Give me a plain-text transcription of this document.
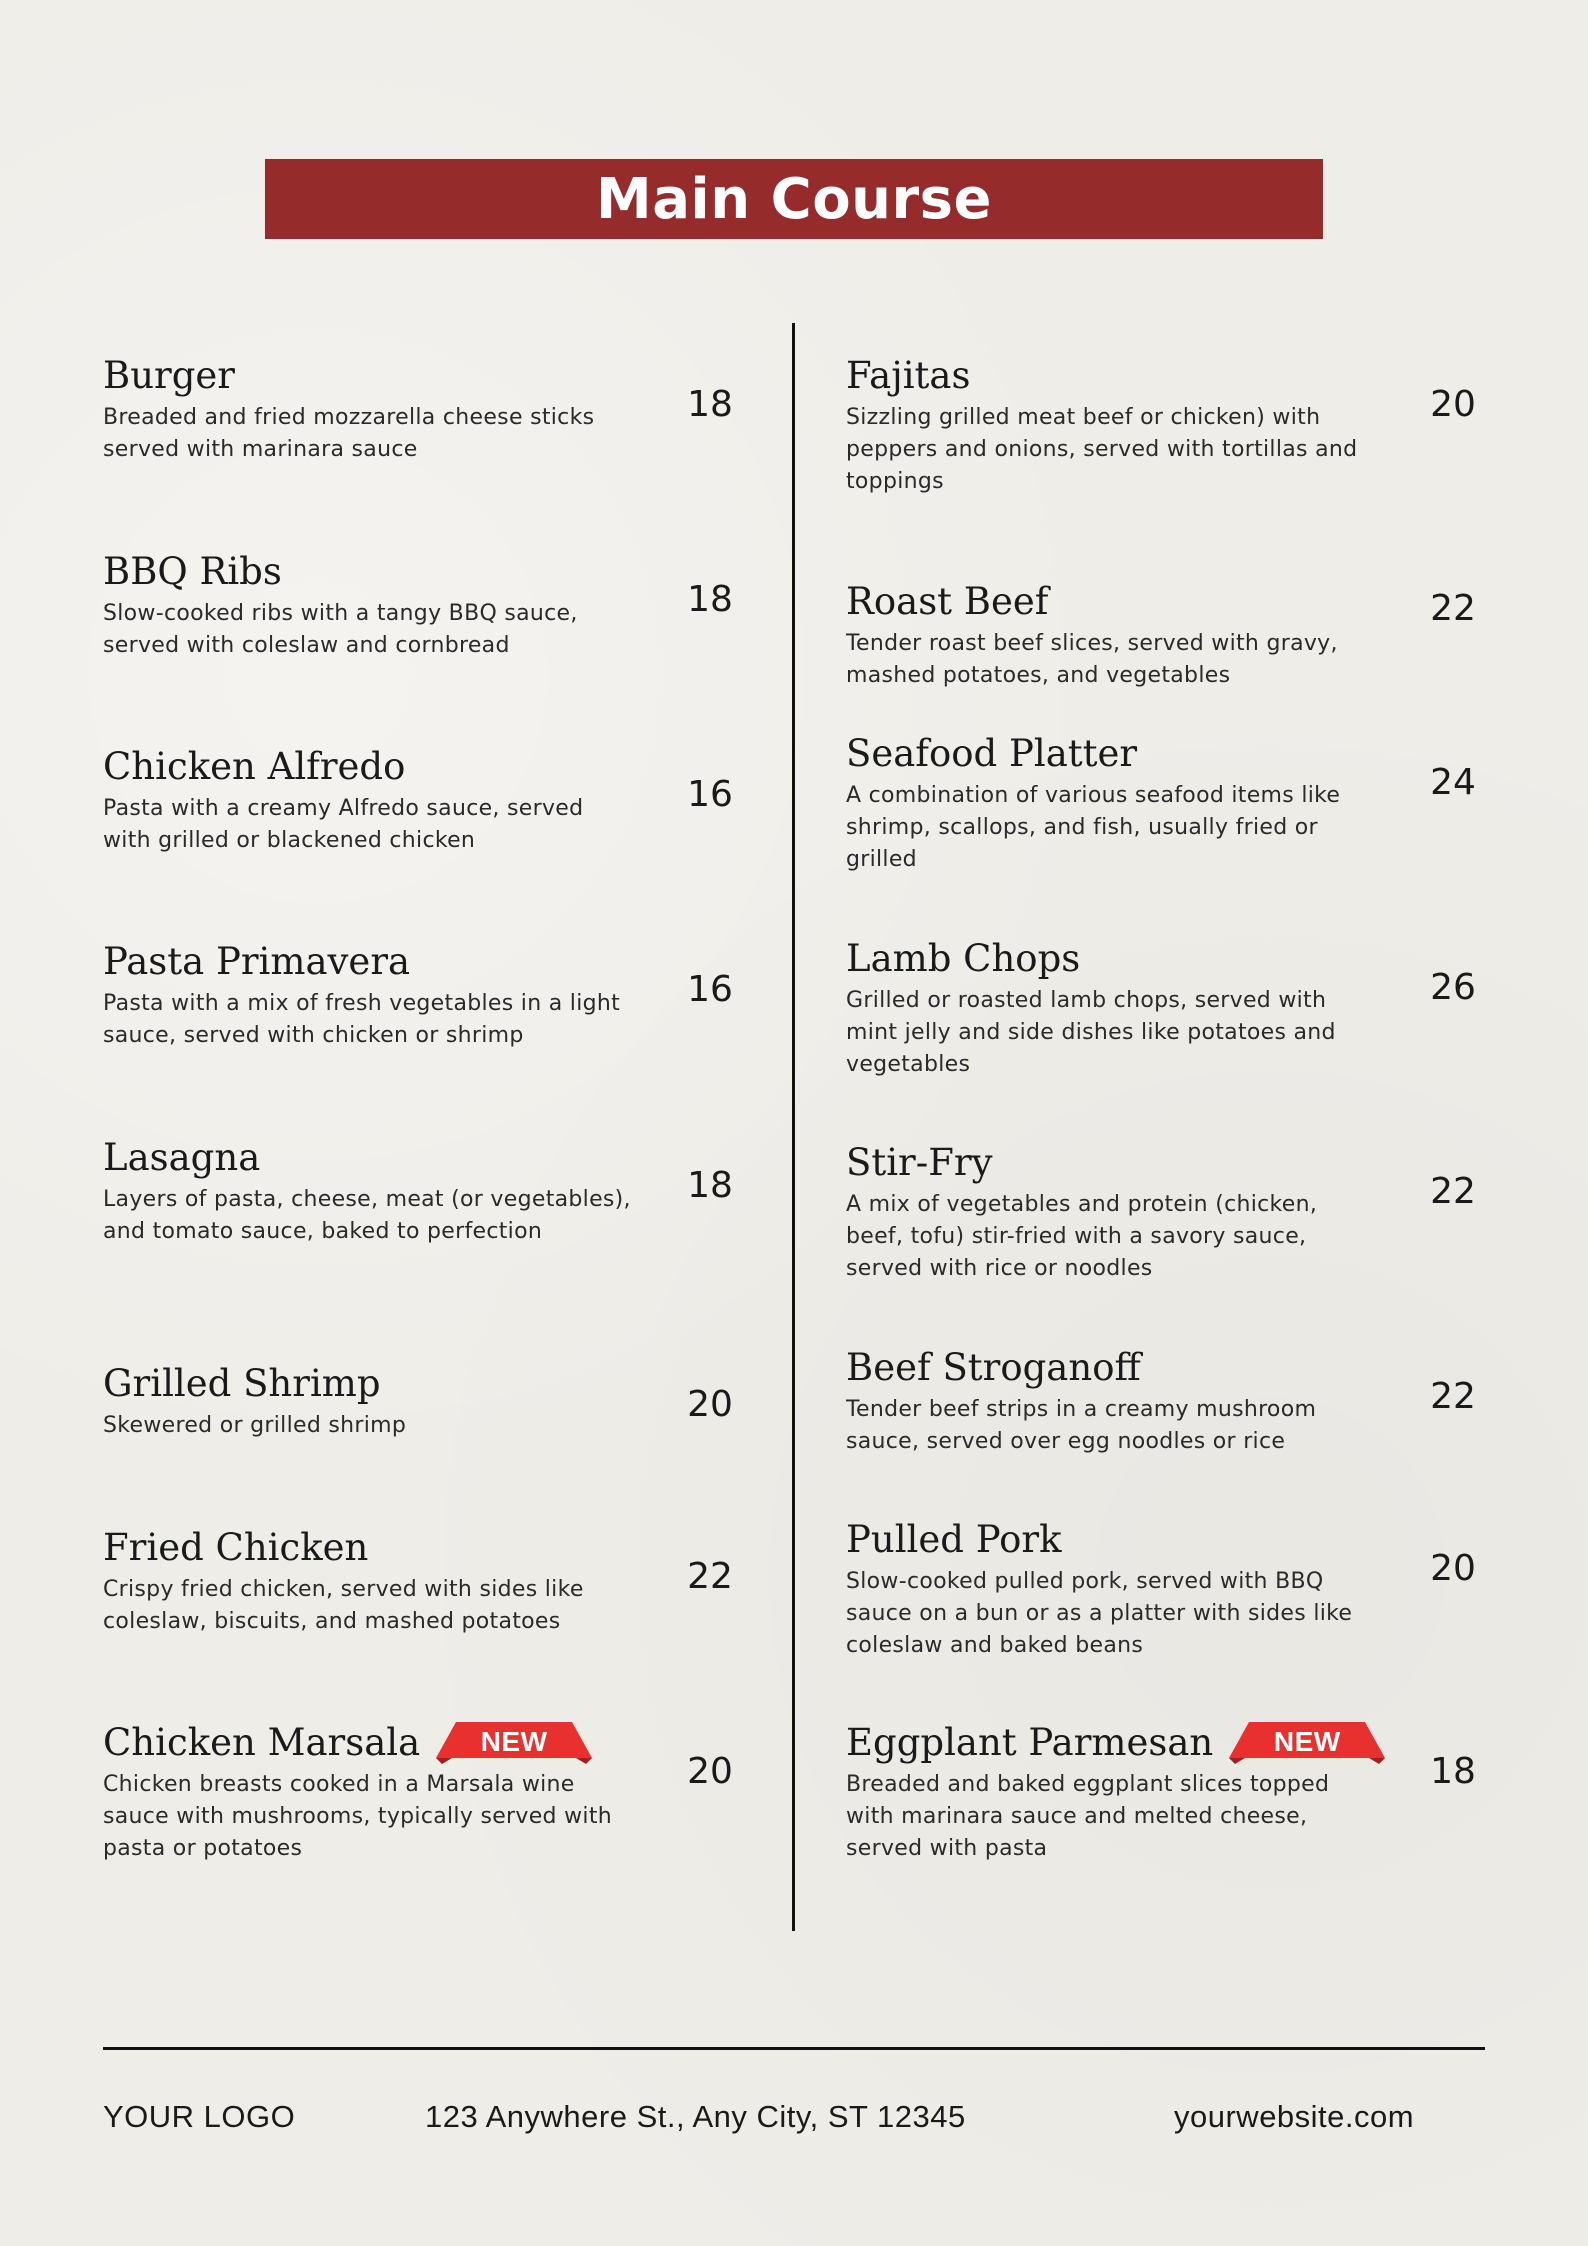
Main Course
Burger
Breaded and fried mozzarella cheese sticks served with marinara sauce
18
BBQ Ribs
Slow-cooked ribs with a tangy BBQ sauce, served with coleslaw and cornbread
18
Chicken Alfredo
Pasta with a creamy Alfredo sauce, served with grilled or blackened chicken
16
Pasta Primavera
Pasta with a mix of fresh vegetables in a light sauce, served with chicken or shrimp
16
Lasagna
Layers of pasta, cheese, meat (or vegetables), and tomato sauce, baked to perfection
18
Grilled Shrimp
Skewered or grilled shrimp
20
Fried Chicken
Crispy fried chicken, served with sides like coleslaw, biscuits, and mashed potatoes
22
Chicken Marsala	NEW
Chicken breasts cooked in a Marsala wine sauce with mushrooms, typically served with pasta or potatoes
20
Fajitas
Sizzling grilled meat beef or chicken) with peppers and onions, served with tortillas and toppings
20
Roast Beef
Tender roast beef slices, served with gravy, mashed potatoes, and vegetables
22
Seafood Platter
A combination of various seafood items like shrimp, scallops, and fish, usually fried or grilled
24
Lamb Chops
Grilled or roasted lamb chops, served with mint jelly and side dishes like potatoes and vegetables
26
Stir-Fry
A mix of vegetables and protein (chicken, beef, tofu) stir-fried with a savory sauce, served with rice or noodles
22
Beef Stroganoff
Tender beef strips in a creamy mushroom sauce, served over egg noodles or rice
22
Pulled Pork
Slow-cooked pulled pork, served with BBQ sauce on a bun or as a platter with sides like coleslaw and baked beans
20
Eggplant Parmesan	NEW
Breaded and baked eggplant slices topped with marinara sauce and melted cheese, served with pasta
18
YOUR LOGO	123 Anywhere St., Any City, ST 12345	yourwebsite.com
